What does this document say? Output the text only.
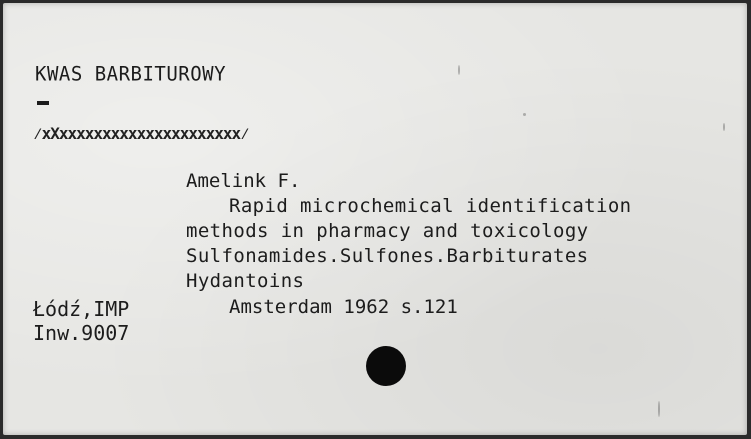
KWAS BARBITUROWY
⁄xXxxxxxxxxxxxxxxxxxxxxx⁄
Amelink F.
Rapid microchemical identification
methods in pharmacy and toxicology
Sulfonamides.Sulfones.Barbiturates
Hydantoins
Amsterdam 1962 s.121
Łódź,IMP
Inw.9007
